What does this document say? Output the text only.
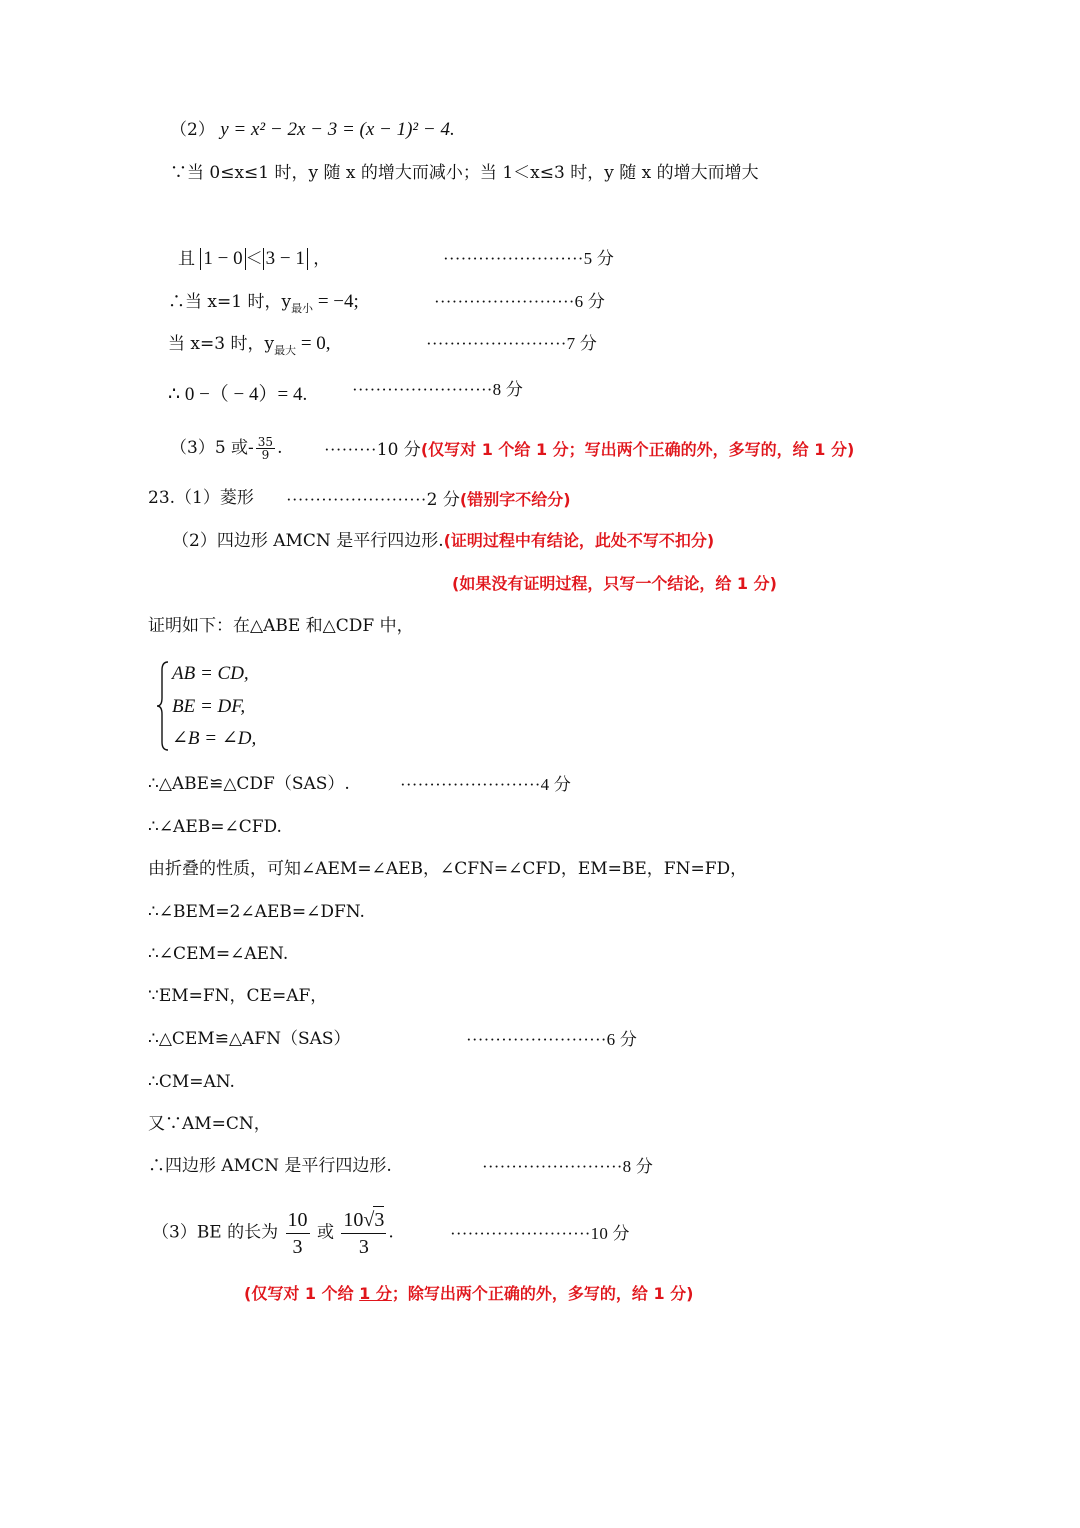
（2） y = x² − 2x − 3 = (x − 1)² − 4.
∵当 0≤x≤1 时，y 随 x 的增大而减小；当 1＜x≤3 时，y 随 x 的增大而增大
且 1 − 0 ＜ 3 − 1 ，	························5 分
∴当 x=1 时，$y_{最小} = -4$;	························6 分
当 x=3 时，$y_{最大} = 0$,	························7 分
∴ 0 −（ − 4）= 4.	························8 分
（3）5 或- $\frac{35}{9}$ . ·········10 分(仅写对 1 个给 1 分；写出两个正确的外，多写的，给 1 分)
23.（1）菱形 ························2 分(错别字不给分)
（2）四边形 AMCN 是平行四边形.(证明过程中有结论，此处不写不扣分)
(如果没有证明过程，只写一个结论，给 1 分)
证明如下：在△ABE 和△CDF 中，
AB = CD,
BE = DF,
∠B = ∠D,
∴△ABE≌△CDF（SAS）.	························4 分
∴∠AEB=∠CFD.
由折叠的性质，可知∠AEM=∠AEB，∠CFN=∠CFD，EM=BE，FN=FD，
∴∠BEM=2∠AEB=∠DFN.
∴∠CEM=∠AEN.
∵EM=FN，CE=AF，
∴△CEM≌△AFN（SAS）	························6 分
∴CM=AN.
又∵AM=CN，
∴四边形 AMCN 是平行四边形.	························8 分
（3）BE 的长为 $\frac{10}{3}$ 或 $\frac{10√3}{3}$ .	························10 分
(仅写对 1 个给 1 分；除写出两个正确的外，多写的，给 1 分)
